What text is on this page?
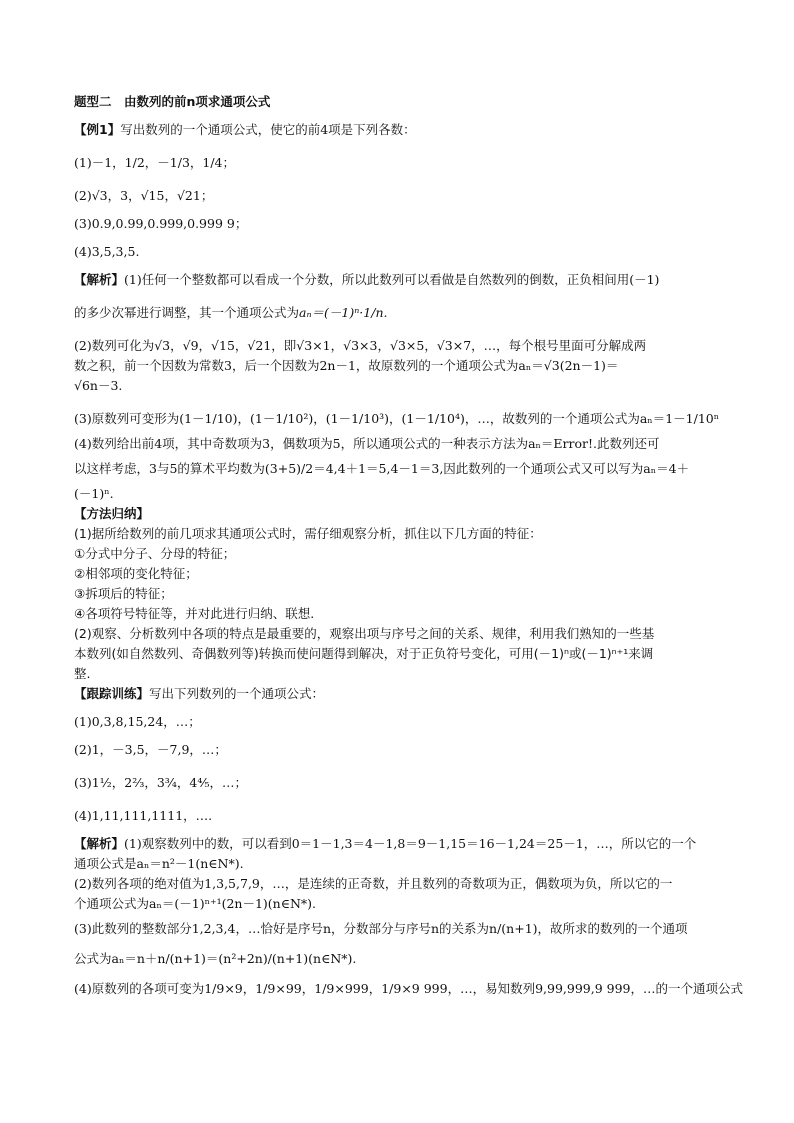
题型二　由数列的前n项求通项公式
【例1】写出数列的一个通项公式，使它的前4项是下列各数：
(1)－1，1/2，－1/3，1/4；
(2)√3，3，√15，√21；
(3)0.9,0.99,0.999,0.999 9；
(4)3,5,3,5.
【解析】(1)任何一个整数都可以看成一个分数，所以此数列可以看做是自然数列的倒数，正负相间用(－1)
的多少次幂进行调整，其一个通项公式为aₙ＝(－1)ⁿ·1/n.
(2)数列可化为√3，√9，√15，√21，即√3×1，√3×3，√3×5，√3×7，…，每个根号里面可分解成两
数之积，前一个因数为常数3，后一个因数为2n－1，故原数列的一个通项公式为aₙ＝√3(2n－1)＝
√6n－3.
(3)原数列可变形为(1－1/10)，(1－1/10²)，(1－1/10³)，(1－1/10⁴)，…，故数列的一个通项公式为aₙ＝1－1/10ⁿ
(4)数列给出前4项，其中奇数项为3，偶数项为5，所以通项公式的一种表示方法为aₙ＝Error!.此数列还可
以这样考虑，3与5的算术平均数为(3+5)/2＝4,4＋1＝5,4－1＝3,因此数列的一个通项公式又可以写为aₙ＝4＋
(－1)ⁿ.
【方法归纳】
(1)据所给数列的前几项求其通项公式时，需仔细观察分析，抓住以下几方面的特征：
①分式中分子、分母的特征；
②相邻项的变化特征；
③拆项后的特征；
④各项符号特征等，并对此进行归纳、联想.
(2)观察、分析数列中各项的特点是最重要的，观察出项与序号之间的关系、规律，利用我们熟知的一些基
本数列(如自然数列、奇偶数列等)转换而使问题得到解决，对于正负符号变化，可用(－1)ⁿ或(－1)ⁿ⁺¹来调
整.
【跟踪训练】写出下列数列的一个通项公式：
(1)0,3,8,15,24，…；
(2)1，－3,5，－7,9，…；
(3)1½，2⅔，3¾，4⅘，…；
(4)1,11,111,1111，….
【解析】(1)观察数列中的数，可以看到0＝1－1,3＝4－1,8＝9－1,15＝16－1,24＝25－1，…，所以它的一个
通项公式是aₙ＝n²－1(n∈N*).
(2)数列各项的绝对值为1,3,5,7,9，…，是连续的正奇数，并且数列的奇数项为正，偶数项为负，所以它的一
个通项公式为aₙ＝(－1)ⁿ⁺¹(2n－1)(n∈N*).
(3)此数列的整数部分1,2,3,4，…恰好是序号n，分数部分与序号n的关系为n/(n+1)，故所求的数列的一个通项
公式为aₙ＝n＋n/(n+1)＝(n²+2n)/(n+1)(n∈N*).
(4)原数列的各项可变为1/9×9，1/9×99，1/9×999，1/9×9 999，…，易知数列9,99,999,9 999，…的一个通项公式
